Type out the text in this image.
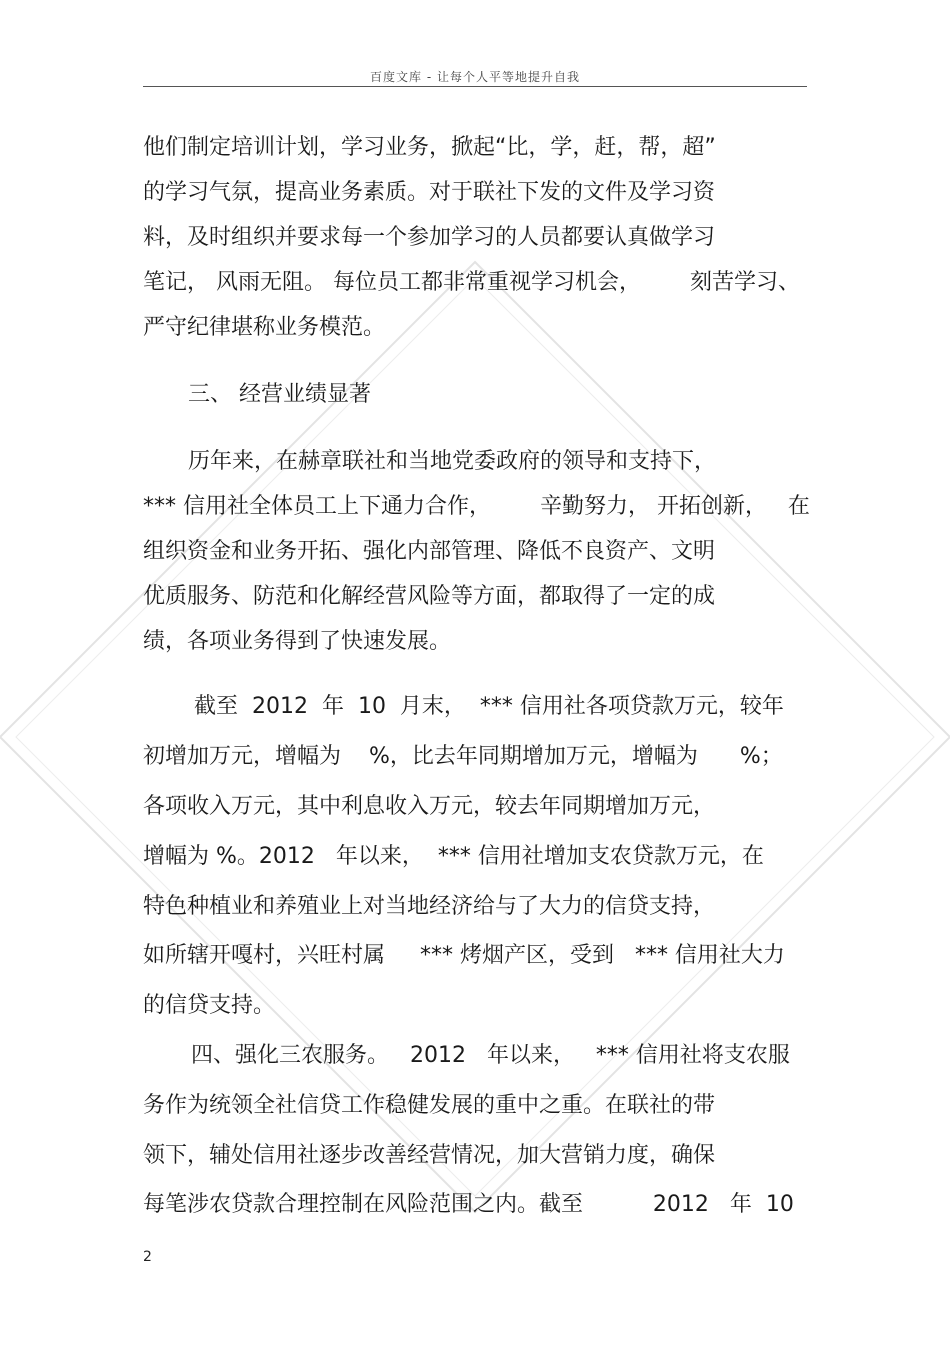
百度文库 - 让每个人平等地提升自我
他们制定培训计划，学习业务，掀起“比，学，赶，帮，超”
的学习气氛，提高业务素质。对于联社下发的文件及学习资
料，及时组织并要求每一个参加学习的人员都要认真做学习
笔记， 风雨无阻。 每位员工都非常重视学习机会，       刻苦学习、
严守纪律堪称业务模范。
三、 经营业绩显著
历年来，在赫章联社和当地党委政府的领导和支持下，
*** 信用社全体员工上下通力合作，       辛勤努力， 开拓创新，   在
组织资金和业务开拓、强化内部管理、降低不良资产、文明
优质服务、防范和化解经营风险等方面，都取得了一定的成
绩，各项业务得到了快速发展。
截至  2012  年  10  月末，  *** 信用社各项贷款万元，较年
初增加万元，增幅为    %，比去年同期增加万元，增幅为      %；
各项收入万元，其中利息收入万元，较去年同期增加万元，
增幅为 %。2012   年以来，  *** 信用社增加支农贷款万元，在
特色种植业和养殖业上对当地经济给与了大力的信贷支持，
如所辖开嘎村，兴旺村属     *** 烤烟产区，受到   *** 信用社大力
的信贷支持。
四、强化三农服务。   2012   年以来，   *** 信用社将支农服
务作为统领全社信贷工作稳健发展的重中之重。在联社的带
领下，辅处信用社逐步改善经营情况，加大营销力度，确保
每笔涉农贷款合理控制在风险范围之内。截至          2012   年  10
2
